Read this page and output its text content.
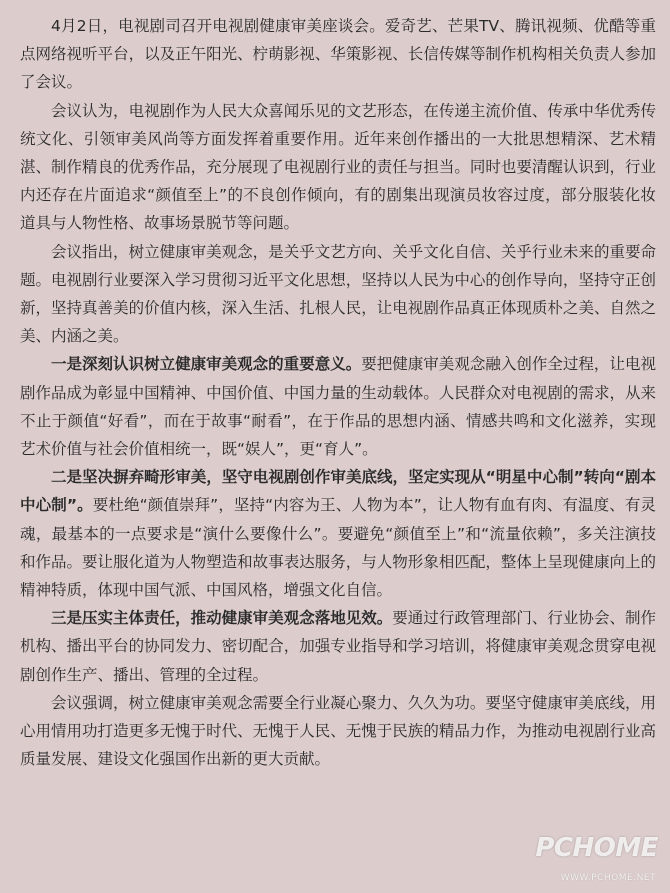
4月2日，电视剧司召开电视剧健康审美座谈会。爱奇艺、芒果TV、腾讯视频、优酷等重点网络视听平台，以及正午阳光、柠萌影视、华策影视、长信传媒等制作机构相关负责人参加了会议。

会议认为，电视剧作为人民大众喜闻乐见的文艺形态，在传递主流价值、传承中华优秀传统文化、引领审美风尚等方面发挥着重要作用。近年来创作播出的一大批思想精深、艺术精湛、制作精良的优秀作品，充分展现了电视剧行业的责任与担当。同时也要清醒认识到，行业内还存在片面追求“颜值至上”的不良创作倾向，有的剧集出现演员妆容过度，部分服装化妆道具与人物性格、故事场景脱节等问题。

会议指出，树立健康审美观念，是关乎文艺方向、关乎文化自信、关乎行业未来的重要命题。电视剧行业要深入学习贯彻习近平文化思想，坚持以人民为中心的创作导向，坚持守正创新，坚持真善美的价值内核，深入生活、扎根人民，让电视剧作品真正体现质朴之美、自然之美、内涵之美。

一是深刻认识树立健康审美观念的重要意义。要把健康审美观念融入创作全过程，让电视剧作品成为彰显中国精神、中国价值、中国力量的生动载体。人民群众对电视剧的需求，从来不止于颜值“好看”，而在于故事“耐看”，在于作品的思想内涵、情感共鸣和文化滋养，实现艺术价值与社会价值相统一，既“娱人”，更“育人”。

二是坚决摒弃畸形审美，坚守电视剧创作审美底线，坚定实现从“明星中心制”转向“剧本中心制”。要杜绝“颜值崇拜”，坚持“内容为王、人物为本”，让人物有血有肉、有温度、有灵魂，最基本的一点要求是“演什么要像什么”。要避免“颜值至上”和“流量依赖”，多关注演技和作品。要让服化道为人物塑造和故事表达服务，与人物形象相匹配，整体上呈现健康向上的精神特质，体现中国气派、中国风格，增强文化自信。

三是压实主体责任，推动健康审美观念落地见效。要通过行政管理部门、行业协会、制作机构、播出平台的协同发力、密切配合，加强专业指导和学习培训，将健康审美观念贯穿电视剧创作生产、播出、管理的全过程。

会议强调，树立健康审美观念需要全行业凝心聚力、久久为功。要坚守健康审美底线，用心用情用功打造更多无愧于时代、无愧于人民、无愧于民族的精品力作，为推动电视剧行业高质量发展、建设文化强国作出新的更大贡献。

PCHOME
WWW.PCHOME.NET
